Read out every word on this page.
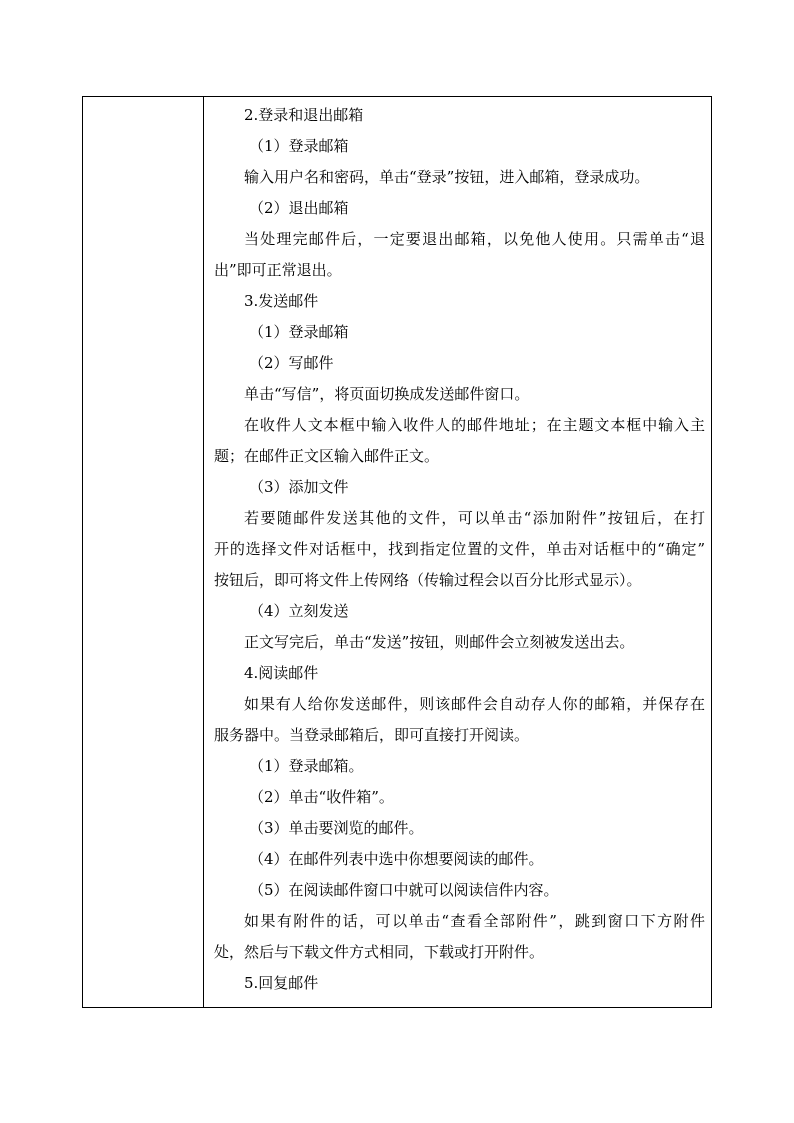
2.登录和退出邮箱
（1）登录邮箱
输入用户名和密码，单击“登录”按钮，进入邮箱，登录成功。
（2）退出邮箱
当处理完邮件后，一定要退出邮箱，以免他人使用。只需单击“退
出”即可正常退出。
3.发送邮件
（1）登录邮箱
（2）写邮件
单击“写信”，将页面切换成发送邮件窗口。
在收件人文本框中输入收件人的邮件地址；在主题文本框中输入主
题；在邮件正文区输入邮件正文。
（3）添加文件
若要随邮件发送其他的文件，可以单击“添加附件”按钮后，在打
开的选择文件对话框中，找到指定位置的文件，单击对话框中的“确定”
按钮后，即可将文件上传网络（传输过程会以百分比形式显示）。
（4）立刻发送
正文写完后，单击“发送”按钮，则邮件会立刻被发送出去。
4.阅读邮件
如果有人给你发送邮件，则该邮件会自动存人你的邮箱，并保存在
服务器中。当登录邮箱后，即可直接打开阅读。
（1）登录邮箱。
（2）单击“收件箱”。
（3）单击要浏览的邮件。
（4）在邮件列表中选中你想要阅读的邮件。
（5）在阅读邮件窗口中就可以阅读信件内容。
如果有附件的话，可以单击“查看全部附件”，跳到窗口下方附件
处，然后与下载文件方式相同，下载或打开附件。
5.回复邮件
